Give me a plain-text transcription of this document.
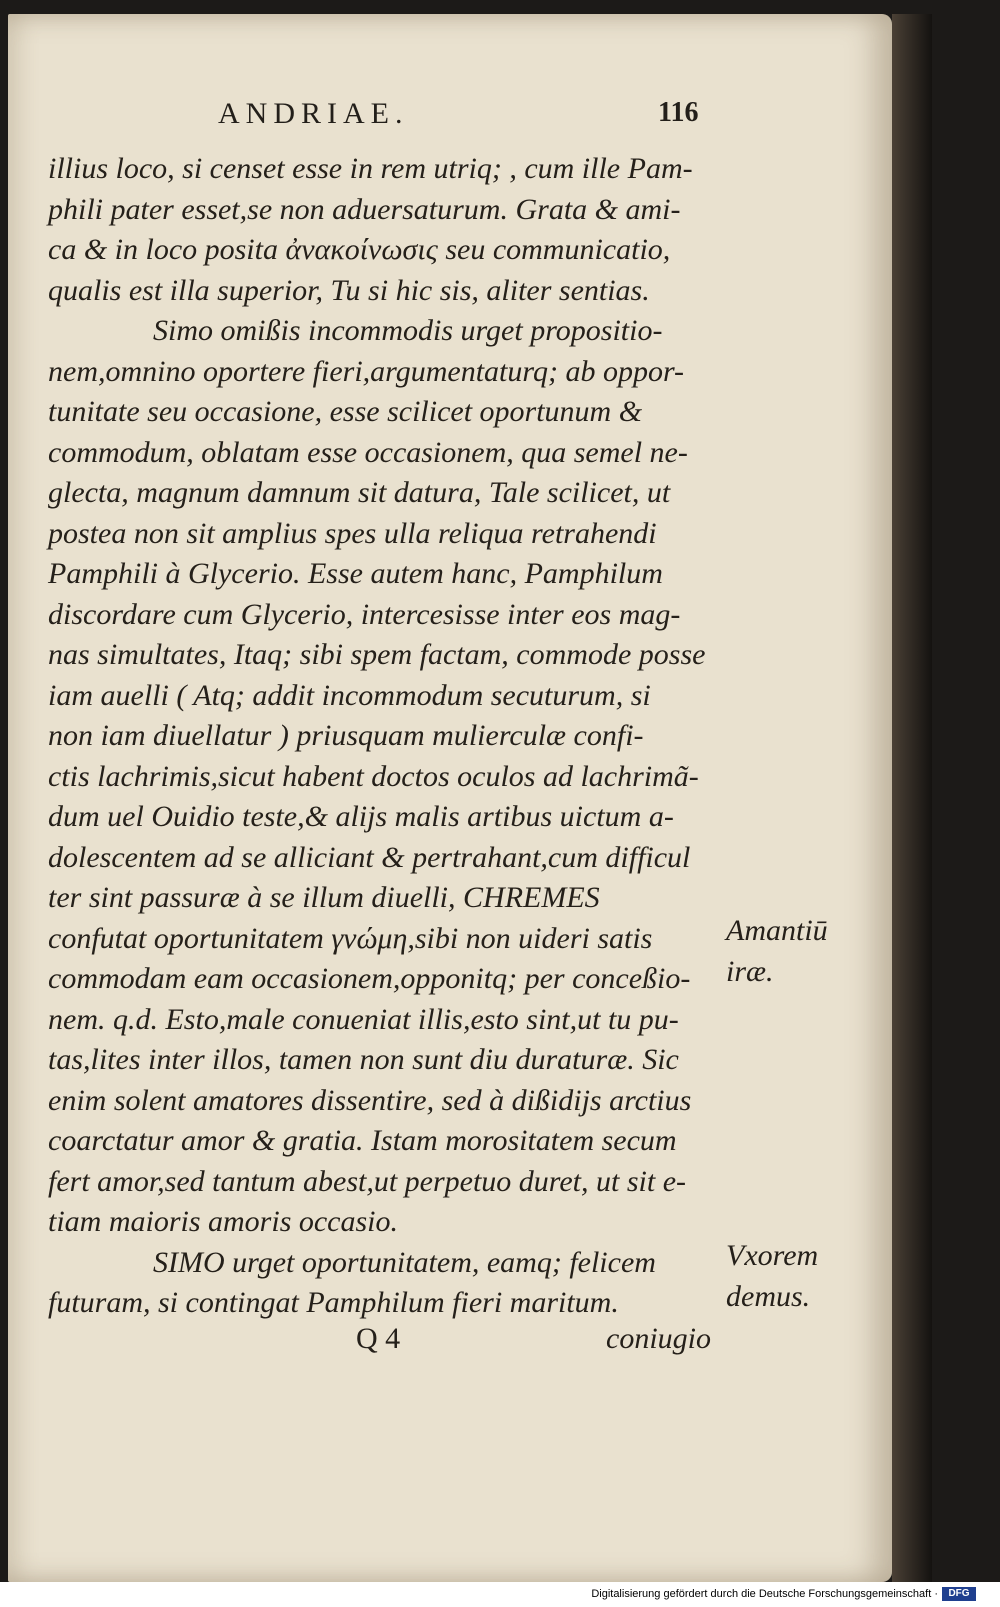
ANDRIAE.	116
illius loco, si censet esse in rem utriq; , cum ille Pam-
phili pater esset,se non aduersaturum. Grata & ami-
ca & in loco posita ἀνακοίνωσις seu communicatio,
qualis est illa superior, Tu si hic sis, aliter sentias.
Simo omißis incommodis urget propositio-
nem,omnino oportere fieri,argumentaturq; ab oppor-
tunitate seu occasione, esse scilicet oportunum &
commodum, oblatam esse occasionem, qua semel ne-
glecta, magnum damnum sit datura, Tale scilicet, ut
postea non sit amplius spes ulla reliqua retrahendi
Pamphili à Glycerio. Esse autem hanc, Pamphilum
discordare cum Glycerio, intercesisse inter eos mag-
nas simultates, Itaq; sibi spem factam, commode posse
iam auelli ( Atq; addit incommodum secuturum, si
non iam diuellatur ) priusquam mulierculæ confi-
ctis lachrimis,sicut habent doctos oculos ad lachrimã-
dum uel Ouidio teste,& alijs malis artibus uictum a-
dolescentem ad se alliciant & pertrahant,cum difficul
ter sint passuræ à se illum diuelli, CHREMES
confutat oportunitatem γνώμη,sibi non uideri satis
commodam eam occasionem,opponitq; per conceßio-
nem. q.d. Esto,male conueniat illis,esto sint,ut tu pu-
tas,lites inter illos, tamen non sunt diu duraturæ. Sic
enim solent amatores dissentire, sed à dißidijs arctius
coarctatur amor & gratia. Istam morositatem secum
fert amor,sed tantum abest,ut perpetuo duret, ut sit e-
tiam maioris amoris occasio.
SIMO urget oportunitatem, eamq; felicem
futuram, si contingat Pamphilum fieri maritum.
Amantiū
iræ.
Vxorem
demus.
Q 4	coniugio
Digitalisierung gefördert durch die Deutsche Forschungsgemeinschaft ·	DFG
